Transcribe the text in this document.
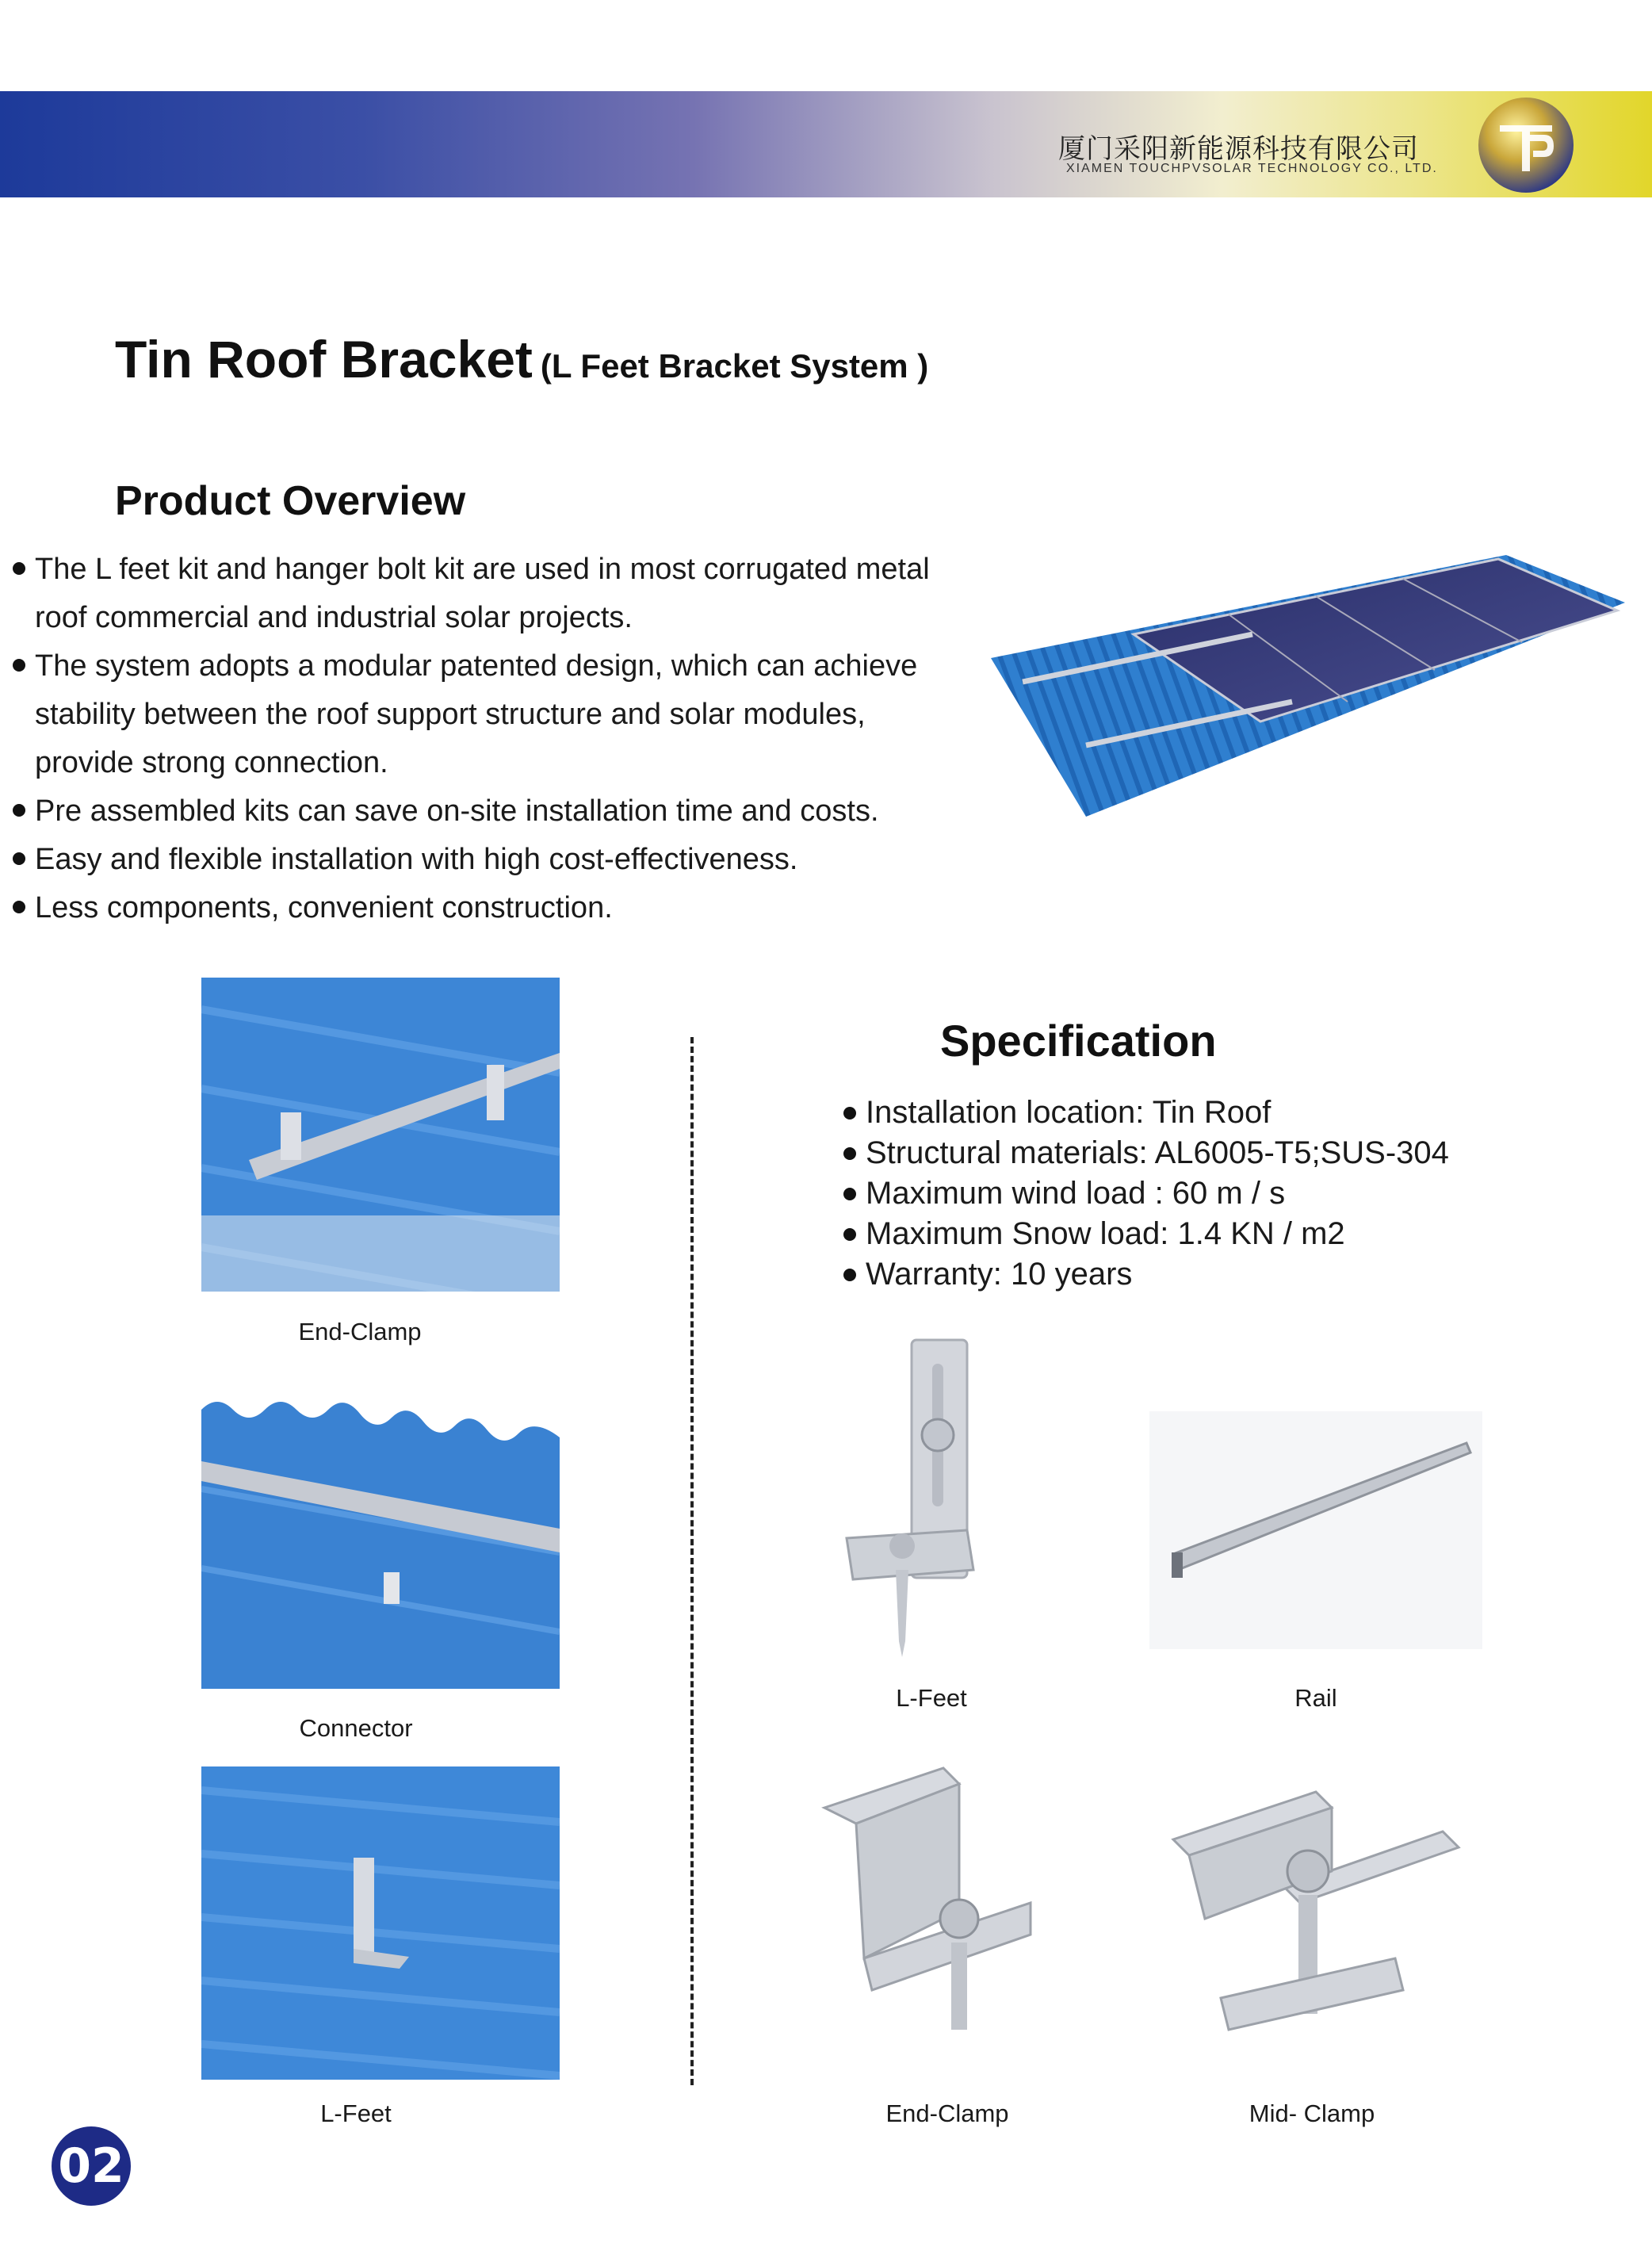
厦门采阳新能源科技有限公司
XIAMEN TOUCHPVSOLAR TECHNOLOGY CO., LTD.
Tin Roof Bracket (L Feet Bracket System )
Product Overview
The L feet kit and hanger bolt kit are used in most corrugated metal roof commercial and industrial solar projects.
The system adopts a modular patented design, which can achieve stability between the roof support structure and solar modules, provide strong connection.
Pre assembled kits can save on-site installation time and costs.
Easy and flexible installation with high cost-effectiveness.
Less components, convenient construction.
End-Clamp
Connector
L-Feet
Specification
Installation location: Tin Roof
Structural materials: AL6005-T5;SUS-304
Maximum wind load : 60 m / s
Maximum Snow load: 1.4 KN / m2
Warranty: 10 years
L-Feet	Rail
End-Clamp	Mid- Clamp
02
